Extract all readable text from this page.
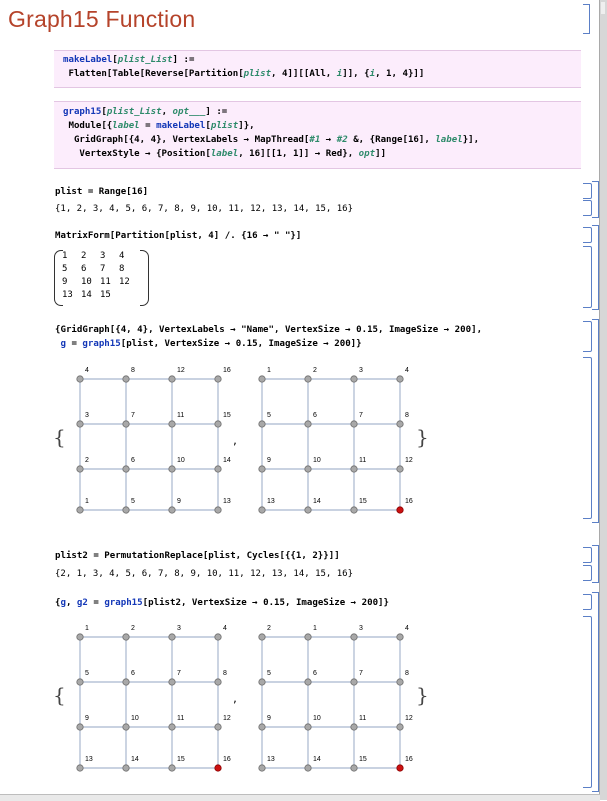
Graph15 Function
makeLabel[plist_List] :=
Flatten[Table[Reverse[Partition[plist, 4]][[All, i]], {i, 1, 4}]]
graph15[plist_List, opt___] :=
Module[{label = makeLabel[plist]},
GridGraph[{4, 4}, VertexLabels → MapThread[#1 → #2 &, {Range[16], label}],
VertexStyle → {Position[label, 16][[1, 1]] → Red}, opt]]
plist = Range[16]
{1, 2, 3, 4, 5, 6, 7, 8, 9, 10, 11, 12, 13, 14, 15, 16}
MatrixForm[Partition[plist, 4] /. {16 → " "}]
1	2	3	4
5	6	7	8
9	10	11	12
13	14	15	
{GridGraph[{4, 4}, VertexLabels → "Name", VertexSize → 0.15, ImageSize → 200],
g = graph15[plist, VertexSize → 0.15, ImageSize → 200]}
{	,	}
4	8	12	16
3	7	11	15
2	6	10	14
1	5	9	13
1	2	3	4
5	6	7	8
9	10	11	12
13	14	15	16
plist2 = PermutationReplace[plist, Cycles[{{1, 2}}]]
{2, 1, 3, 4, 5, 6, 7, 8, 9, 10, 11, 12, 13, 14, 15, 16}
{g, g2 = graph15[plist2, VertexSize → 0.15, ImageSize → 200]}
{	,	}
1	2	3	4
5	6	7	8
9	10	11	12
13	14	15	16
2	1	3	4
5	6	7	8
9	10	11	12
13	14	15	16
